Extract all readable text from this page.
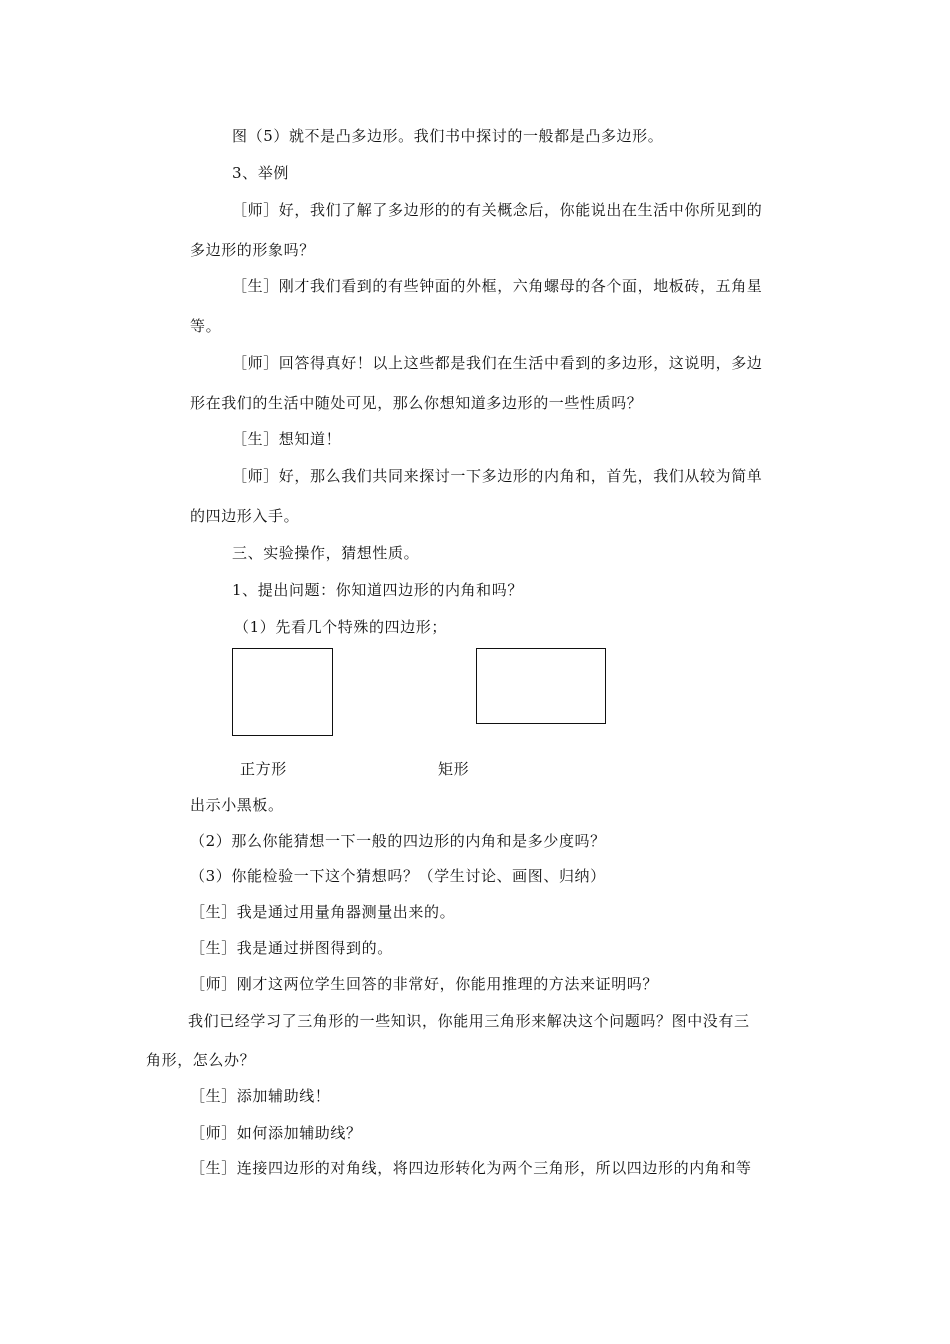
图（5）就不是凸多边形。我们书中探讨的一般都是凸多边形。
3、举例
［师］好，我们了解了多边形的的有关概念后，你能说出在生活中你所见到的
多边形的形象吗？
［生］刚才我们看到的有些钟面的外框，六角螺母的各个面，地板砖，五角星
等。
［师］回答得真好！以上这些都是我们在生活中看到的多边形，这说明，多边
形在我们的生活中随处可见，那么你想知道多边形的一些性质吗？
［生］想知道！
［师］好，那么我们共同来探讨一下多边形的内角和，首先，我们从较为简单
的四边形入手。
三、实验操作，猜想性质。
1、提出问题：你知道四边形的内角和吗？
（1）先看几个特殊的四边形；
正方形	矩形
出示小黑板。
（2）那么你能猜想一下一般的四边形的内角和是多少度吗？
（3）你能检验一下这个猜想吗？（学生讨论、画图、归纳）
［生］我是通过用量角器测量出来的。
［生］我是通过拼图得到的。
［师］刚才这两位学生回答的非常好，你能用推理的方法来证明吗？
我们已经学习了三角形的一些知识，你能用三角形来解决这个问题吗？图中没有三
角形，怎么办？
［生］添加辅助线！
［师］如何添加辅助线？
［生］连接四边形的对角线，将四边形转化为两个三角形，所以四边形的内角和等
